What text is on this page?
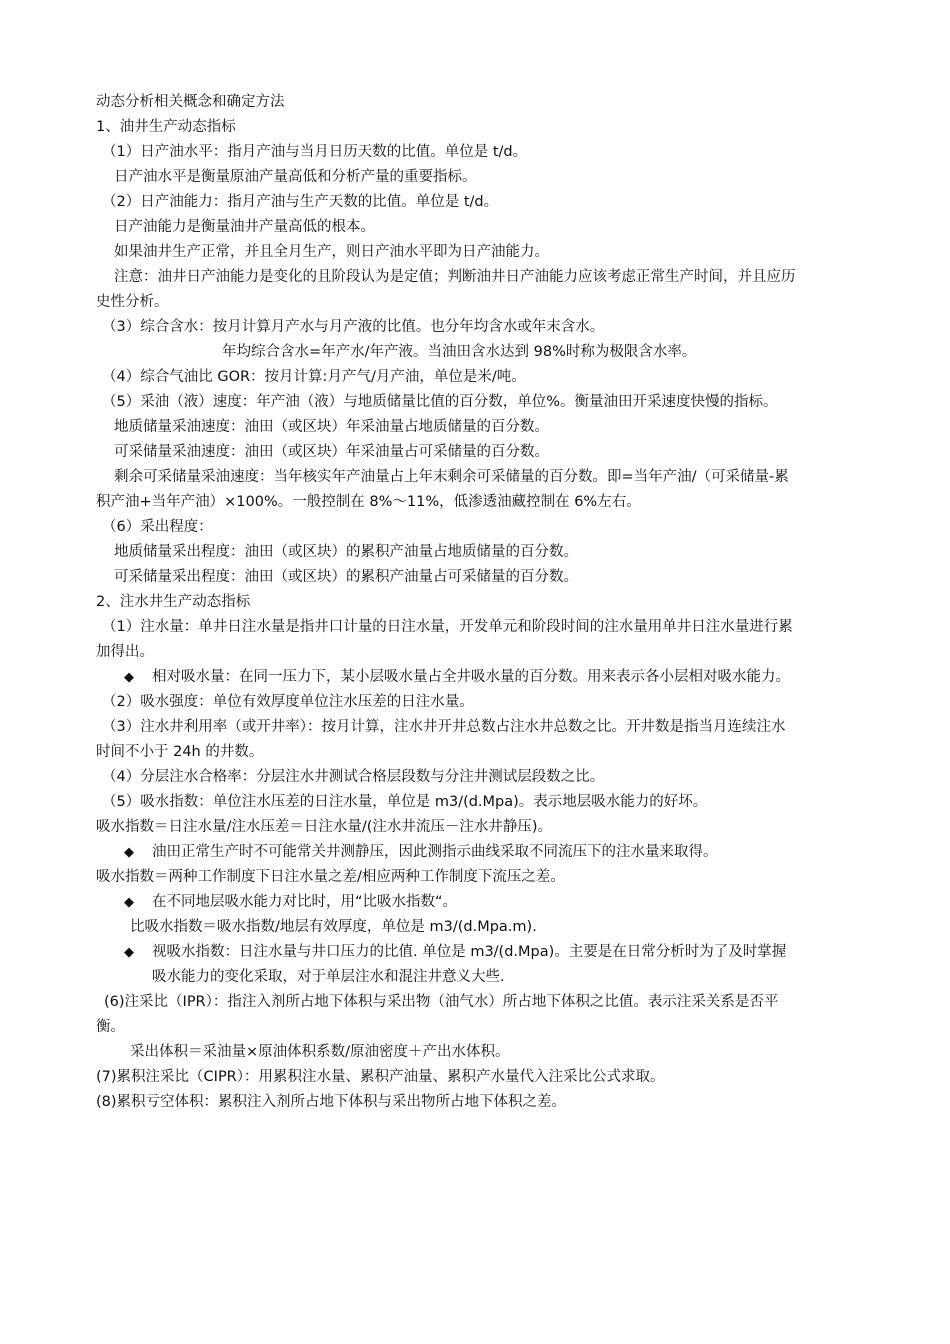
动态分析相关概念和确定方法
1、油井生产动态指标
（1）日产油水平：指月产油与当月日历天数的比值。单位是 t/d。
日产油水平是衡量原油产量高低和分析产量的重要指标。
（2）日产油能力：指月产油与生产天数的比值。单位是 t/d。
日产油能力是衡量油井产量高低的根本。
如果油井生产正常，并且全月生产，则日产油水平即为日产油能力。
注意：油井日产油能力是变化的且阶段认为是定值；判断油井日产油能力应该考虑正常生产时间，并且应历史性分析。
（3）综合含水：按月计算月产水与月产液的比值。也分年均含水或年末含水。
年均综合含水=年产水/年产液。当油田含水达到 98%时称为极限含水率。
（4）综合气油比 GOR：按月计算:月产气/月产油，单位是米/吨。
（5）采油（液）速度：年产油（液）与地质储量比值的百分数，单位%。衡量油田开采速度快慢的指标。
地质储量采油速度：油田（或区块）年采油量占地质储量的百分数。
可采储量采油速度：油田（或区块）年采油量占可采储量的百分数。
剩余可采储量采油速度：当年核实年产油量占上年末剩余可采储量的百分数。即=当年产油/（可采储量-累积产油+当年产油）×100%。一般控制在 8%～11%，低渗透油藏控制在 6%左右。
（6）采出程度：
地质储量采出程度：油田（或区块）的累积产油量占地质储量的百分数。
可采储量采出程度：油田（或区块）的累积产油量占可采储量的百分数。
2、注水井生产动态指标
（1）注水量：单井日注水量是指井口计量的日注水量，开发单元和阶段时间的注水量用单井日注水量进行累加得出。
◆	相对吸水量：在同一压力下，某小层吸水量占全井吸水量的百分数。用来表示各小层相对吸水能力。
（2）吸水强度：单位有效厚度单位注水压差的日注水量。
（3）注水井利用率（或开井率）：按月计算，注水井开井总数占注水井总数之比。开井数是指当月连续注水时间不小于 24h 的井数。
（4）分层注水合格率：分层注水井测试合格层段数与分注井测试层段数之比。
（5）吸水指数：单位注水压差的日注水量，单位是 m3/(d.Mpa)。表示地层吸水能力的好坏。
吸水指数＝日注水量/注水压差＝日注水量/(注水井流压－注水井静压)。
◆	油田正常生产时不可能常关井测静压，因此测指示曲线采取不同流压下的注水量来取得。
吸水指数＝两种工作制度下日注水量之差/相应两种工作制度下流压之差。
◆	在不同地层吸水能力对比时，用“比吸水指数“。
比吸水指数＝吸水指数/地层有效厚度，单位是 m3/(d.Mpa.m).
◆	视吸水指数：日注水量与井口压力的比值. 单位是 m3/(d.Mpa)。主要是在日常分析时为了及时掌握吸水能力的变化采取，对于单层注水和混注井意义大些.
(6)注采比（IPR）：指注入剂所占地下体积与采出物（油气水）所占地下体积之比值。表示注采关系是否平衡。
采出体积＝采油量×原油体积系数/原油密度＋产出水体积。
(7)累积注采比（CIPR）：用累积注水量、累积产油量、累积产水量代入注采比公式求取。
(8)累积亏空体积：累积注入剂所占地下体积与采出物所占地下体积之差。
